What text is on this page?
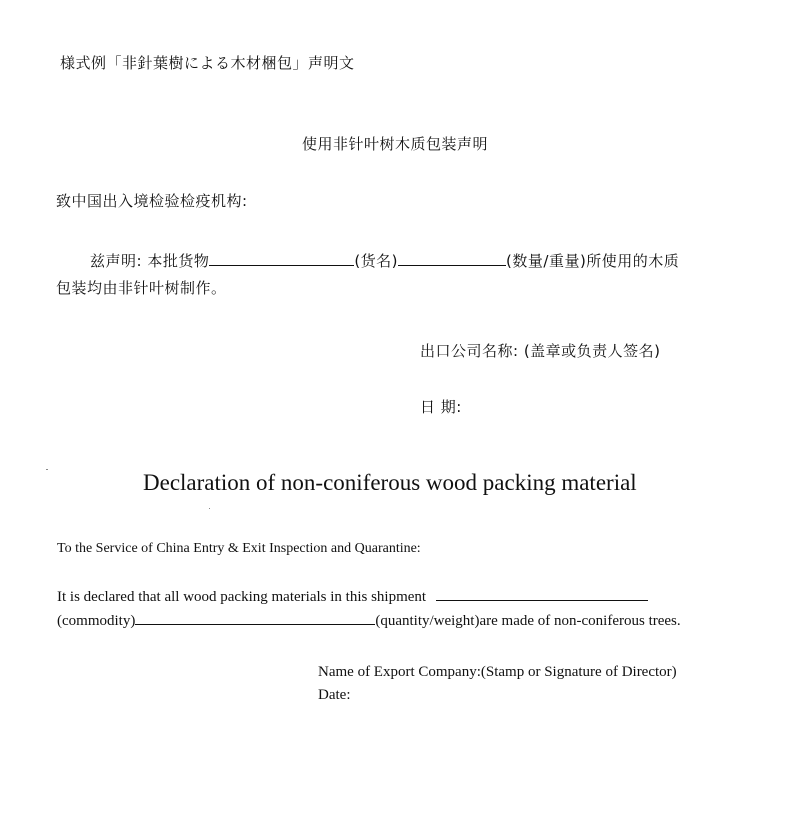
様式例「非針葉樹による木材梱包」声明文
使用非针叶树木质包装声明
致中国出入境检验检疫机构:
兹声明: 本批货物	(货名)	(数量/重量)所使用的木质
包装均由非针叶树制作。
出口公司名称: (盖章或负责人签名)
日 期:
Declaration of non-coniferous wood packing material
To the Service of China Entry & Exit Inspection and Quarantine:
It is declared that all wood packing materials in this shipment
(commodity)	(quantity/weight)are made of non-coniferous trees.
Name of Export Company:(Stamp or Signature of Director)
Date:
